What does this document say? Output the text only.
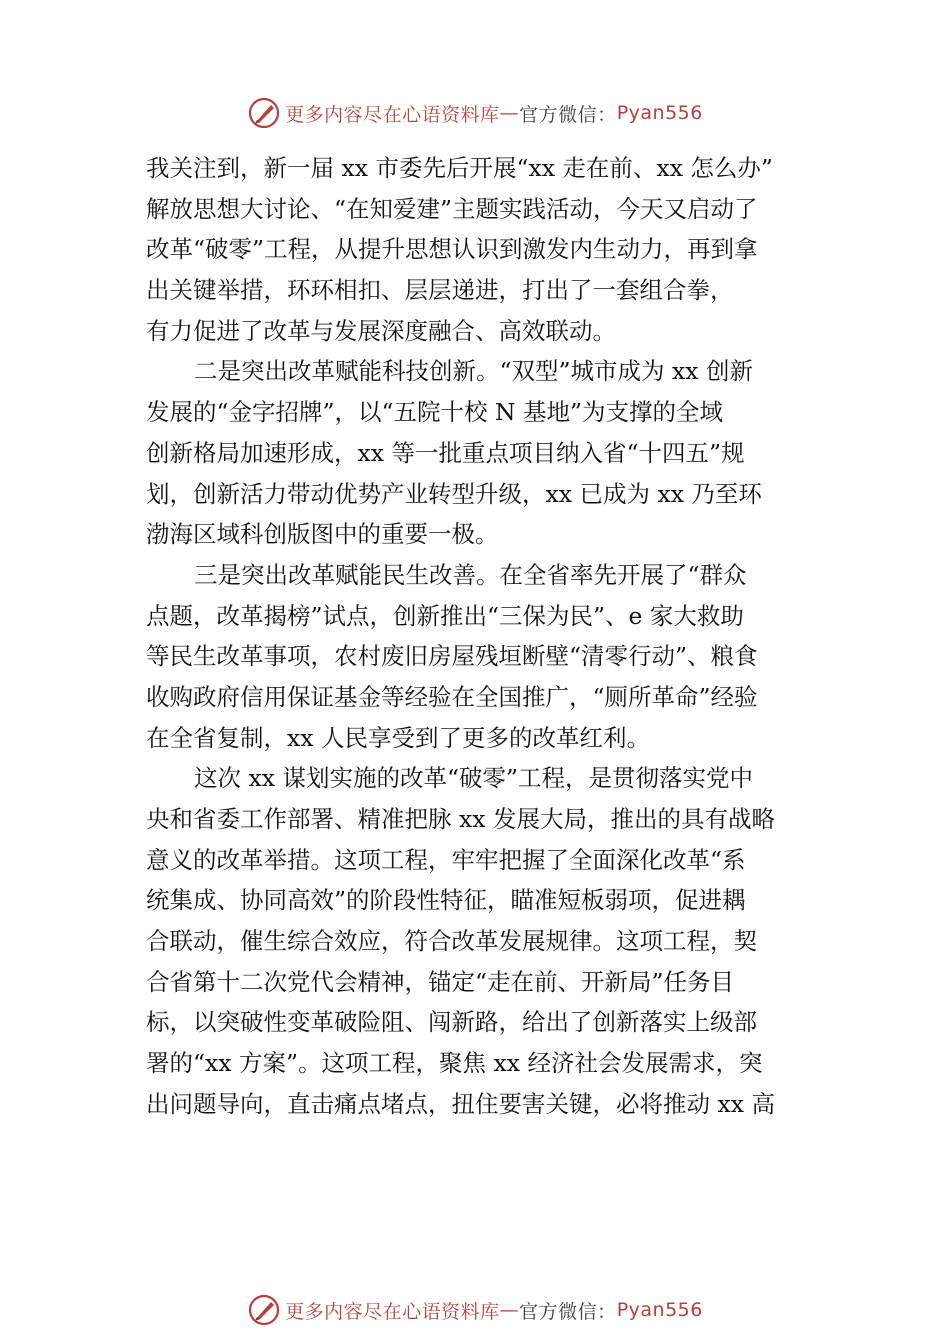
更多内容尽在心语资料库 — 官方微信： Pyan556
我关注到，新一届 xx 市委先后开展“xx 走在前、xx 怎么办”
解放思想大讨论、“在知爱建”主题实践活动，今天又启动了
改革“破零”工程，从提升思想认识到激发内生动力，再到拿
出关键举措，环环相扣、层层递进，打出了一套组合拳，
有力促进了改革与发展深度融合、高效联动。
二是突出改革赋能科技创新。“双型”城市成为 xx 创新
发展的“金字招牌”，以“五院十校 N 基地”为支撑的全域
创新格局加速形成，xx 等一批重点项目纳入省“十四五”规
划，创新活力带动优势产业转型升级，xx 已成为 xx 乃至环
渤海区域科创版图中的重要一极。
三是突出改革赋能民生改善。在全省率先开展了“群众
点题，改革揭榜”试点，创新推出“三保为民”、e 家大救助
等民生改革事项，农村废旧房屋残垣断壁“清零行动”、粮食
收购政府信用保证基金等经验在全国推广，“厕所革命”经验
在全省复制，xx 人民享受到了更多的改革红利。
这次 xx 谋划实施的改革“破零”工程，是贯彻落实党中
央和省委工作部署、精准把脉 xx 发展大局，推出的具有战略
意义的改革举措。这项工程，牢牢把握了全面深化改革“系
统集成、协同高效”的阶段性特征，瞄准短板弱项，促进耦
合联动，催生综合效应，符合改革发展规律。这项工程，契
合省第十二次党代会精神，锚定“走在前、开新局”任务目
标，以突破性变革破险阻、闯新路，给出了创新落实上级部
署的“xx 方案”。这项工程，聚焦 xx 经济社会发展需求，突
出问题导向，直击痛点堵点，扭住要害关键，必将推动 xx 高
更多内容尽在心语资料库 — 官方微信： Pyan556
